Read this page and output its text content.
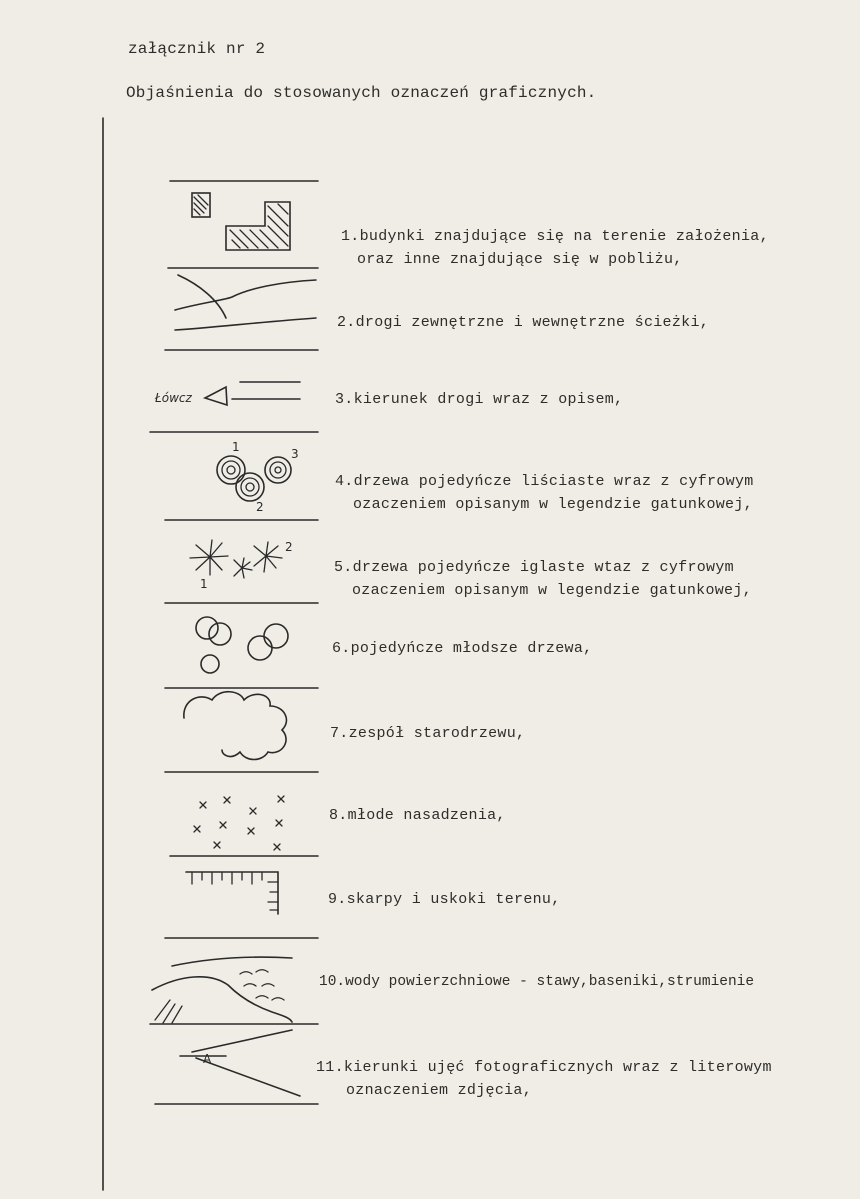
załącznik nr 2
Objaśnienia do stosowanych oznaczeń graficznych.
Łówcz
1
2
3
1
2
A
1.budynki znajdujące się na terenie założenia,
oraz inne znajdujące się w pobliżu,
2.drogi zewnętrzne i wewnętrzne ścieżki,
3.kierunek drogi wraz z opisem,
4.drzewa pojedyńcze liściaste wraz z cyfrowym
ozaczeniem opisanym w legendzie gatunkowej,
5.drzewa pojedyńcze iglaste wtaz z cyfrowym
ozaczeniem opisanym w legendzie gatunkowej,
6.pojedyńcze młodsze drzewa,
7.zespół starodrzewu,
8.młode nasadzenia,
9.skarpy i uskoki terenu,
10.wody powierzchniowe - stawy,baseniki,strumienie
11.kierunki ujęć fotograficznych wraz z literowym
oznaczeniem zdjęcia,
